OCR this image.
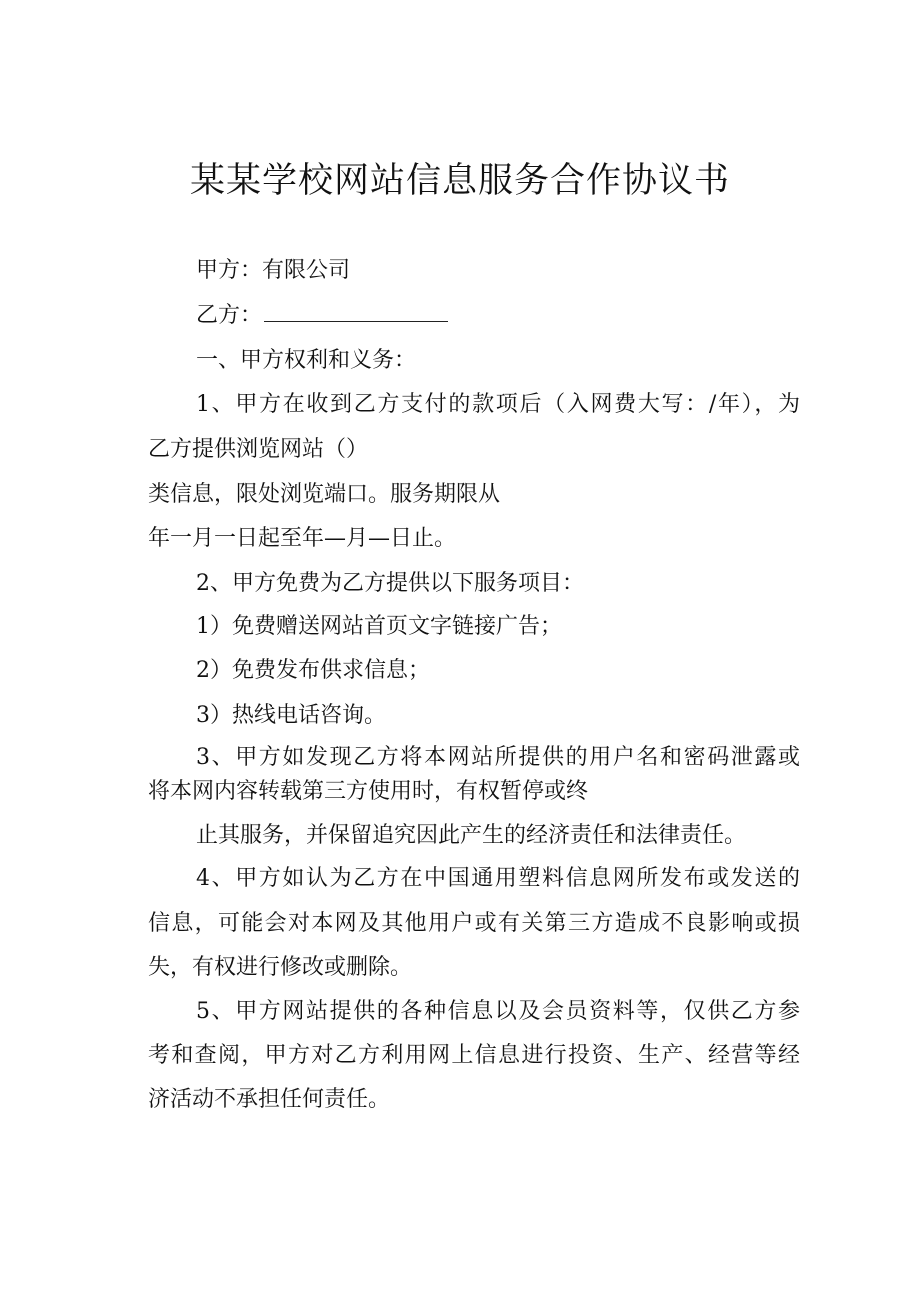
某某学校网站信息服务合作协议书
甲方：有限公司
乙方：
一、甲方权利和义务：
1、甲方在收到乙方支付的款项后（入网费大写：/年），为
乙方提供浏览网站（）
类信息，限处浏览端口。服务期限从
年一月一日起至年—月—日止。
2、甲方免费为乙方提供以下服务项目：
1）免费赠送网站首页文字链接广告；
2）免费发布供求信息；
3）热线电话咨询。
3、甲方如发现乙方将本网站所提供的用户名和密码泄露或
将本网内容转载第三方使用时，有权暂停或终
止其服务，并保留追究因此产生的经济责任和法律责任。
4、甲方如认为乙方在中国通用塑料信息网所发布或发送的
信息，可能会对本网及其他用户或有关第三方造成不良影响或损
失，有权进行修改或删除。
5、甲方网站提供的各种信息以及会员资料等，仅供乙方参
考和查阅，甲方对乙方利用网上信息进行投资、生产、经营等经
济活动不承担任何责任。
